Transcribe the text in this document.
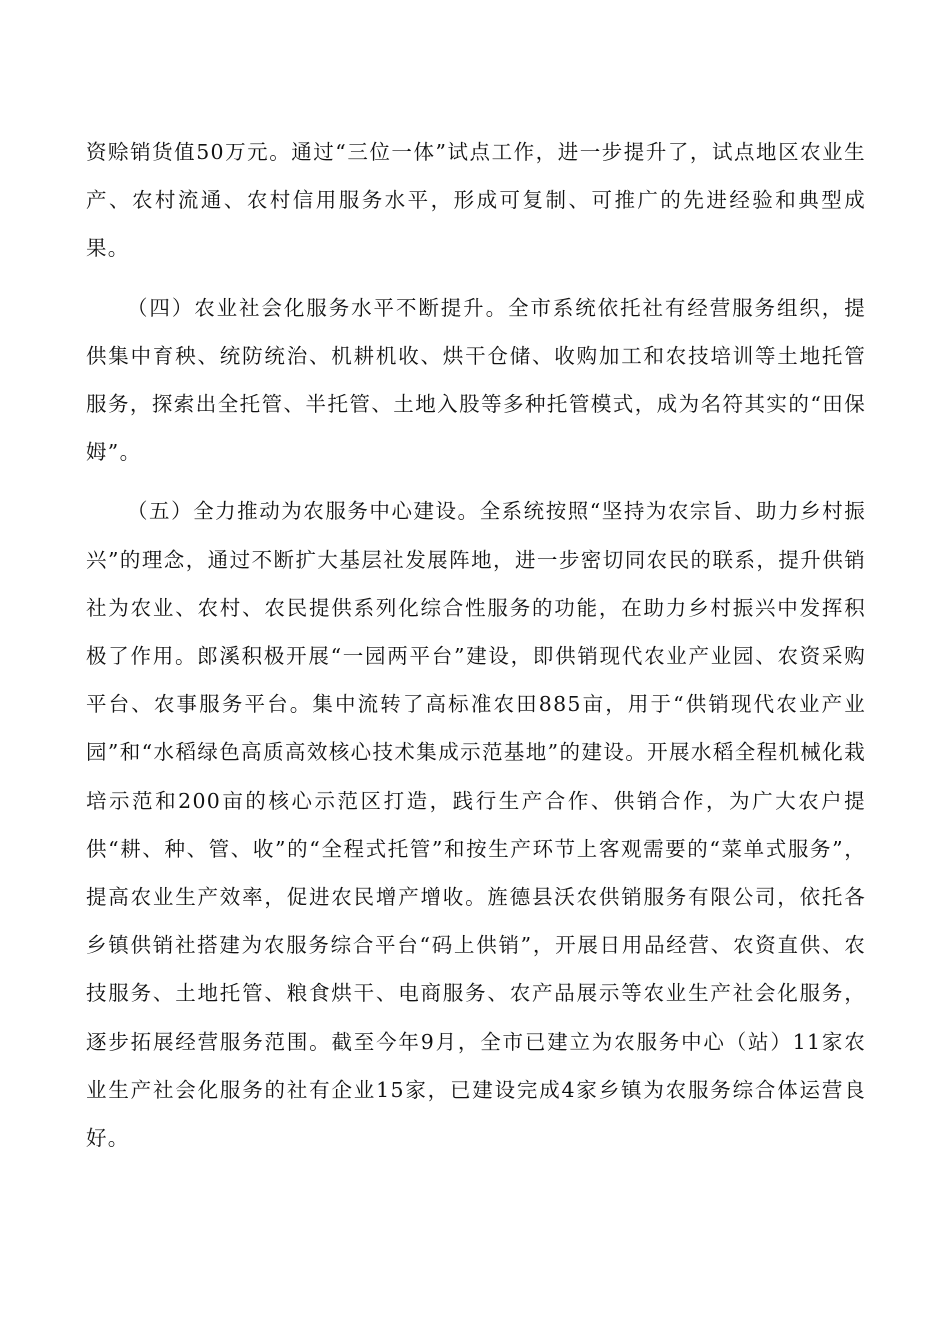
资赊销货值50万元。通过“三位一体”试点工作，进一步提升了，试点地区农业生产、农村流通、农村信用服务水平，形成可复制、可推广的先进经验和典型成果。

（四）农业社会化服务水平不断提升。全市系统依托社有经营服务组织，提供集中育秧、统防统治、机耕机收、烘干仓储、收购加工和农技培训等土地托管服务，探索出全托管、半托管、土地入股等多种托管模式，成为名符其实的“田保姆”。

（五）全力推动为农服务中心建设。全系统按照“坚持为农宗旨、助力乡村振兴”的理念，通过不断扩大基层社发展阵地，进一步密切同农民的联系，提升供销社为农业、农村、农民提供系列化综合性服务的功能，在助力乡村振兴中发挥积极了作用。郎溪积极开展“一园两平台”建设，即供销现代农业产业园、农资采购平台、农事服务平台。集中流转了高标准农田885亩，用于“供销现代农业产业园”和“水稻绿色高质高效核心技术集成示范基地”的建设。开展水稻全程机械化栽培示范和200亩的核心示范区打造，践行生产合作、供销合作，为广大农户提供“耕、种、管、收”的“全程式托管”和按生产环节上客观需要的“菜单式服务”，提高农业生产效率，促进农民增产增收。旌德县沃农供销服务有限公司，依托各乡镇供销社搭建为农服务综合平台“码上供销”，开展日用品经营、农资直供、农技服务、土地托管、粮食烘干、电商服务、农产品展示等农业生产社会化服务，逐步拓展经营服务范围。截至今年9月，全市已建立为农服务中心（站）11家农业生产社会化服务的社有企业15家，已建设完成4家乡镇为农服务综合体运营良好。
